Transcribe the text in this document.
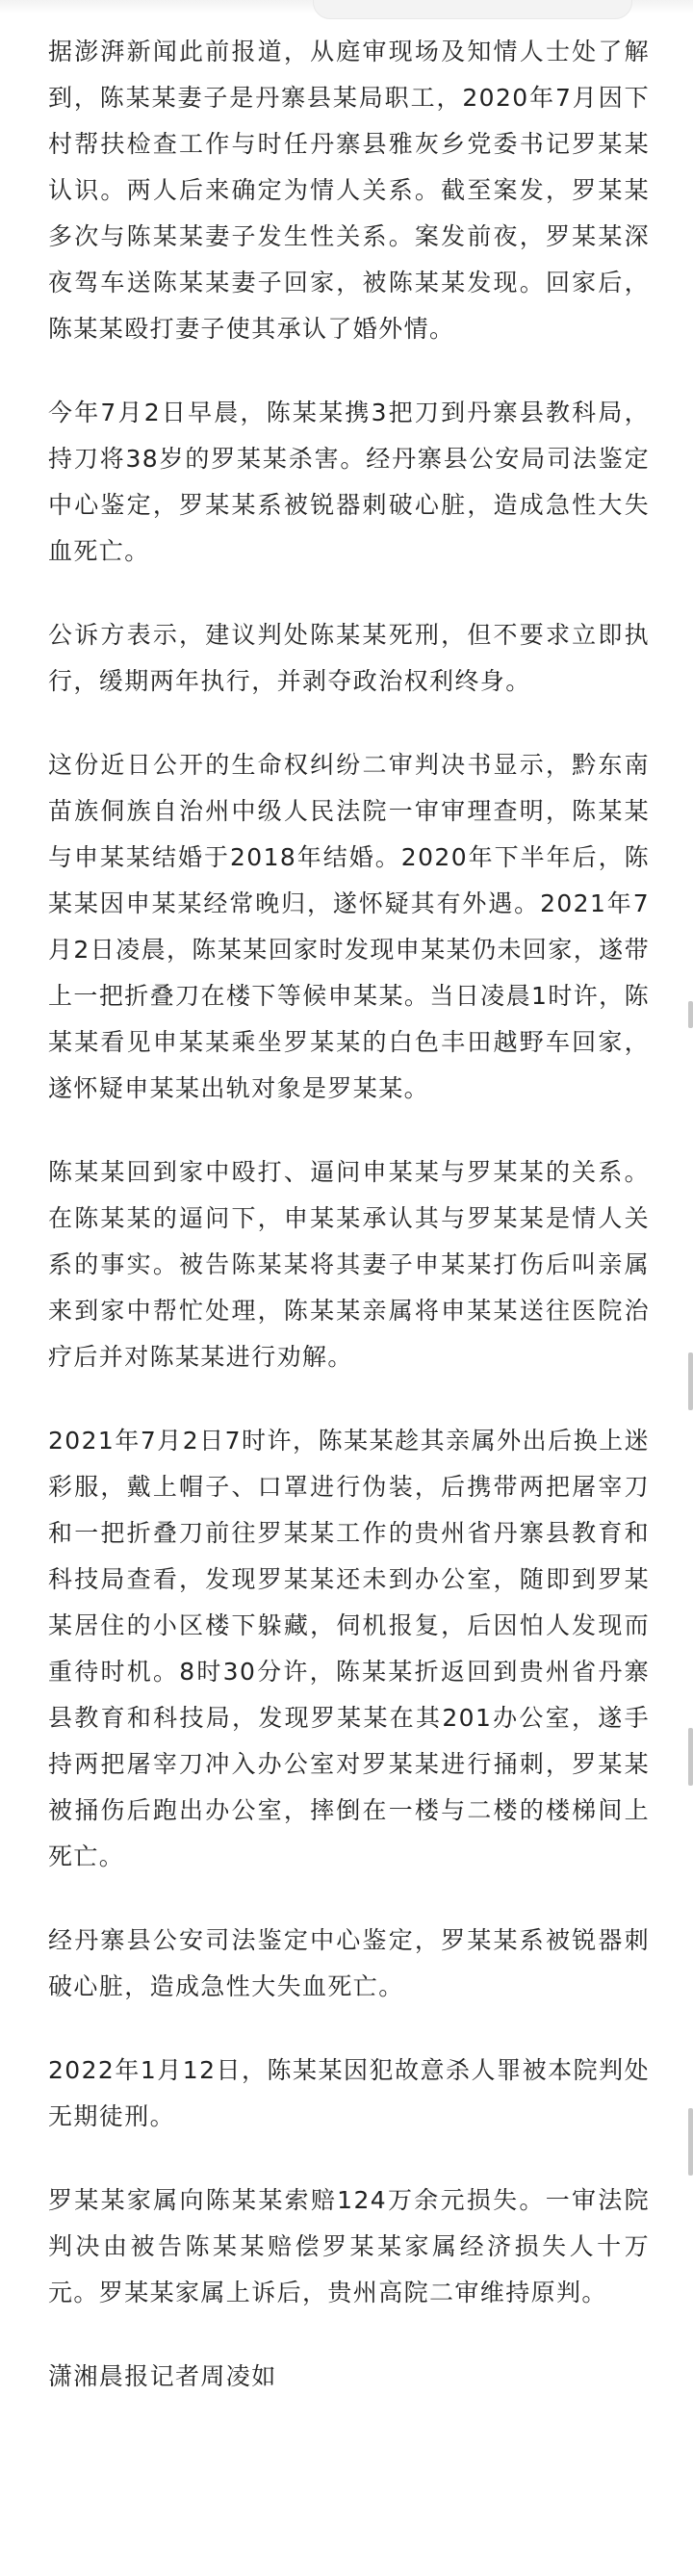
据澎湃新闻此前报道，从庭审现场及知情人士处了解到，陈某某妻子是丹寨县某局职工，2020年7月因下村帮扶检查工作与时任丹寨县雅灰乡党委书记罗某某认识。两人后来确定为情人关系。截至案发，罗某某多次与陈某某妻子发生性关系。案发前夜，罗某某深夜驾车送陈某某妻子回家，被陈某某发现。回家后，陈某某殴打妻子使其承认了婚外情。

今年7月2日早晨，陈某某携3把刀到丹寨县教科局，持刀将38岁的罗某某杀害。经丹寨县公安局司法鉴定中心鉴定，罗某某系被锐器刺破心脏，造成急性大失血死亡。

公诉方表示，建议判处陈某某死刑，但不要求立即执行，缓期两年执行，并剥夺政治权利终身。

这份近日公开的生命权纠纷二审判决书显示，黔东南苗族侗族自治州中级人民法院一审审理查明，陈某某与申某某结婚于2018年结婚。2020年下半年后，陈某某因申某某经常晚归，遂怀疑其有外遇。2021年7月2日凌晨，陈某某回家时发现申某某仍未回家，遂带上一把折叠刀在楼下等候申某某。当日凌晨1时许，陈某某看见申某某乘坐罗某某的白色丰田越野车回家，遂怀疑申某某出轨对象是罗某某。

陈某某回到家中殴打、逼问申某某与罗某某的关系。在陈某某的逼问下，申某某承认其与罗某某是情人关系的事实。被告陈某某将其妻子申某某打伤后叫亲属来到家中帮忙处理，陈某某亲属将申某某送往医院治疗后并对陈某某进行劝解。

2021年7月2日7时许，陈某某趁其亲属外出后换上迷彩服，戴上帽子、口罩进行伪装，后携带两把屠宰刀和一把折叠刀前往罗某某工作的贵州省丹寨县教育和科技局查看，发现罗某某还未到办公室，随即到罗某某居住的小区楼下躲藏，伺机报复，后因怕人发现而重待时机。8时30分许，陈某某折返回到贵州省丹寨县教育和科技局，发现罗某某在其201办公室，遂手持两把屠宰刀冲入办公室对罗某某进行捅刺，罗某某被捅伤后跑出办公室，摔倒在一楼与二楼的楼梯间上死亡。

经丹寨县公安司法鉴定中心鉴定，罗某某系被锐器刺破心脏，造成急性大失血死亡。

2022年1月12日，陈某某因犯故意杀人罪被本院判处无期徒刑。

罗某某家属向陈某某索赔124万余元损失。一审法院判决由被告陈某某赔偿罗某某家属经济损失人十万元。罗某某家属上诉后，贵州高院二审维持原判。

潇湘晨报记者周凌如
